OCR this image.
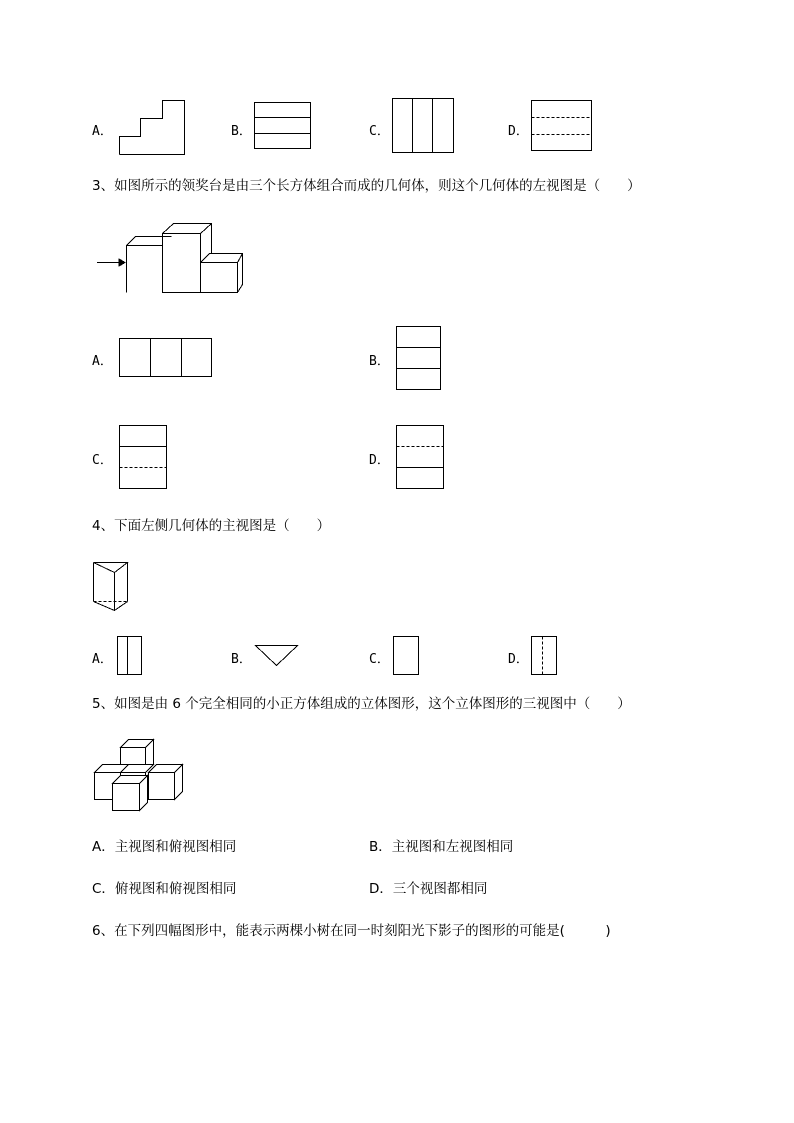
A．	B．	C．	D．
3、如图所示的领奖台是由三个长方体组合而成的几何体，则这个几何体的左视图是（　　）
A．	B．
C．	D．
4、下面左侧几何体的主视图是（　　）
A．	B．	C．	D．
5、如图是由 6 个完全相同的小正方体组成的立体图形，这个立体图形的三视图中（　　）
A．主视图和俯视图相同	B．主视图和左视图相同
C．俯视图和俯视图相同	D．三个视图都相同
6、在下列四幅图形中，能表示两棵小树在同一时刻阳光下影子的图形的可能是(　　　)
